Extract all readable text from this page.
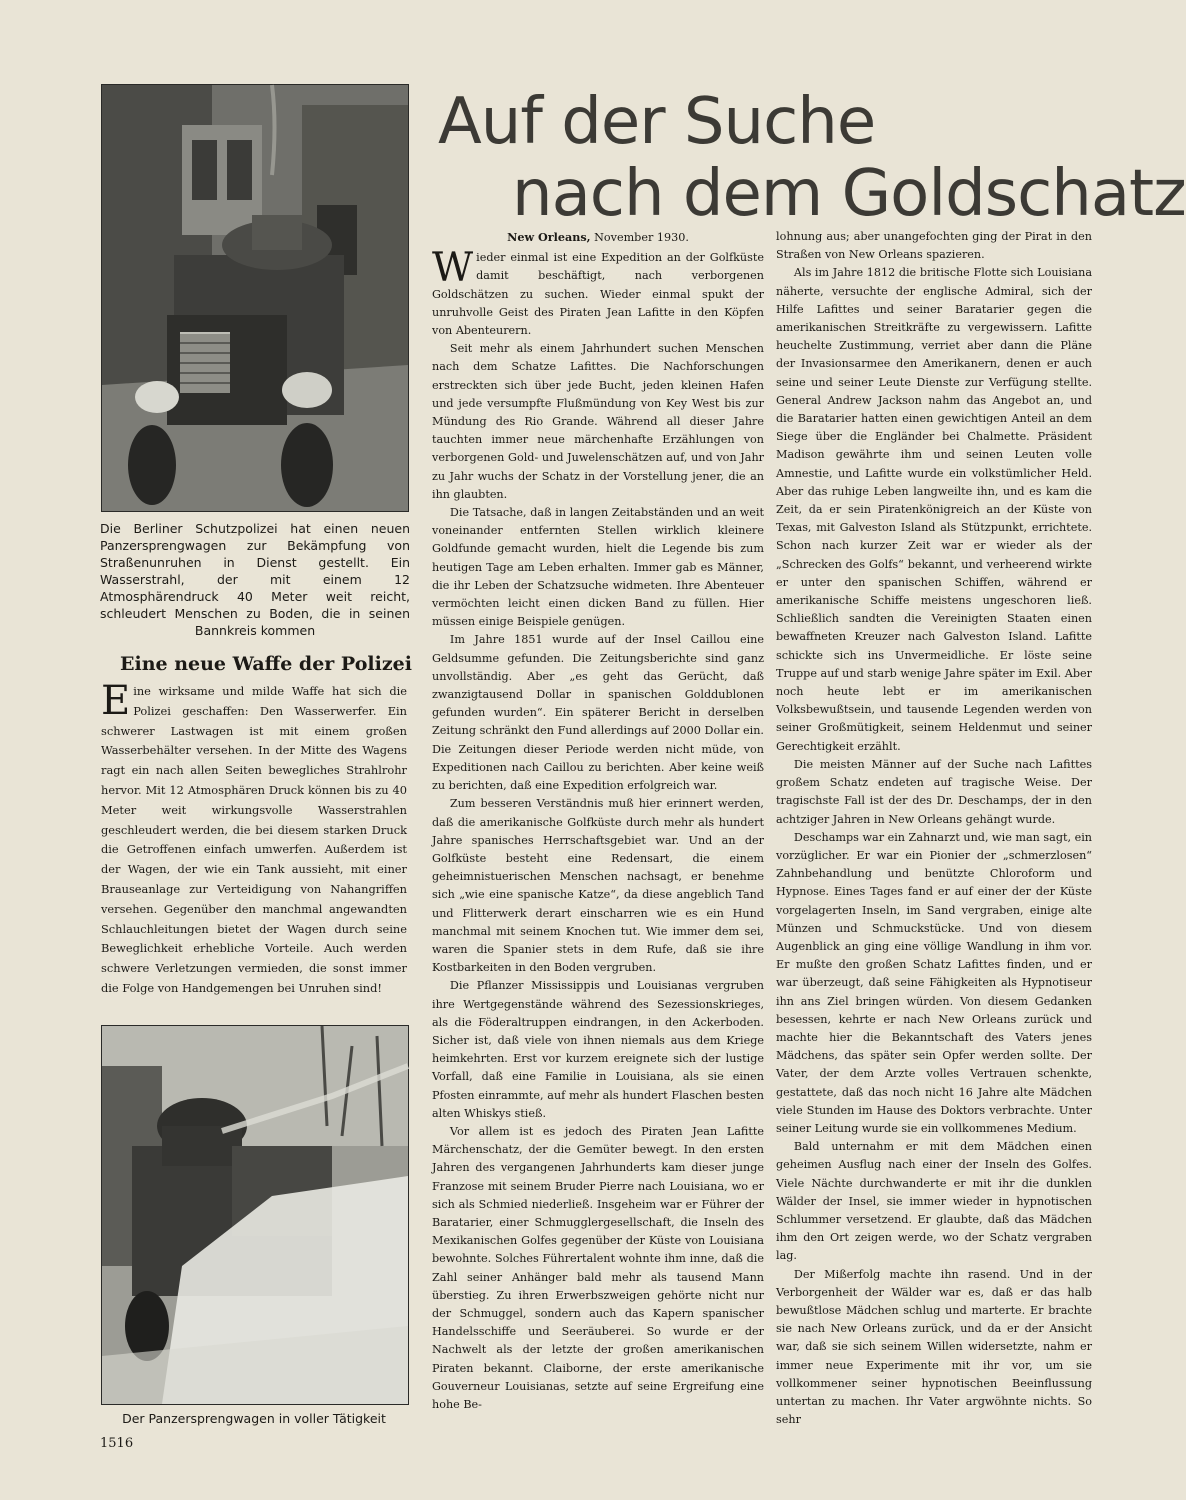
Die Berliner Schutzpolizei hat einen neuen Panzersprengwagen zur Bekämpfung von Straßenunruhen in Dienst gestellt. Ein Wasserstrahl, der mit einem 12 Atmosphärendruck 40 Meter weit reicht, schleudert Menschen zu Boden, die in seinen Bannkreis kommen
Auf der Suche
nach dem Goldschatz
Eine neue Waffe der Polizei

Eine wirksame und milde Waffe hat sich die Polizei geschaffen: Den Wasserwerfer. Ein schwerer Lastwagen ist mit einem großen Wasserbehälter versehen. In der Mitte des Wagens ragt ein nach allen Seiten bewegliches Strahlrohr hervor. Mit 12 Atmosphären Druck können bis zu 40 Meter weit wirkungsvolle Wasserstrahlen geschleudert werden, die bei diesem starken Druck die Getroffenen einfach umwerfen. Außerdem ist der Wagen, der wie ein Tank aussieht, mit einer Brauseanlage zur Verteidigung von Nahangriffen versehen. Gegenüber den manchmal angewandten Schlauchleitungen bietet der Wagen durch seine Beweglichkeit erhebliche Vorteile. Auch werden schwere Verletzungen vermieden, die sonst immer die Folge von Handgemengen bei Unruhen sind!

Der Panzersprengwagen in voller Tätigkeit
1516

New Orleans, November 1930.

Wieder einmal ist eine Expedition an der Golfküste damit beschäftigt, nach verborgenen Goldschätzen zu suchen. Wieder einmal spukt der unruhvolle Geist des Piraten Jean Lafitte in den Köpfen von Abenteurern.

Seit mehr als einem Jahrhundert suchen Menschen nach dem Schatze Lafittes. Die Nachforschungen erstreckten sich über jede Bucht, jeden kleinen Hafen und jede versumpfte Flußmündung von Key West bis zur Mündung des Rio Grande. Während all dieser Jahre tauchten immer neue märchenhafte Erzählungen von verborgenen Gold- und Juwelenschätzen auf, und von Jahr zu Jahr wuchs der Schatz in der Vorstellung jener, die an ihn glaubten.

Die Tatsache, daß in langen Zeitabständen und an weit voneinander entfernten Stellen wirklich kleinere Goldfunde gemacht wurden, hielt die Legende bis zum heutigen Tage am Leben erhalten. Immer gab es Männer, die ihr Leben der Schatzsuche widmeten. Ihre Abenteuer vermöchten leicht einen dicken Band zu füllen. Hier müssen einige Beispiele genügen.

Im Jahre 1851 wurde auf der Insel Caillou eine Geldsumme gefunden. Die Zeitungsberichte sind ganz unvollständig. Aber „es geht das Gerücht, daß zwanzigtausend Dollar in spanischen Golddublonen gefunden wurden“. Ein späterer Bericht in derselben Zeitung schränkt den Fund allerdings auf 2000 Dollar ein. Die Zeitungen dieser Periode werden nicht müde, von Expeditionen nach Caillou zu berichten. Aber keine weiß zu berichten, daß eine Expedition erfolgreich war.

Zum besseren Verständnis muß hier erinnert werden, daß die amerikanische Golfküste durch mehr als hundert Jahre spanisches Herrschaftsgebiet war. Und an der Golfküste besteht eine Redensart, die einem geheimnistuerischen Menschen nachsagt, er benehme sich „wie eine spanische Katze“, da diese angeblich Tand und Flitterwerk derart einscharren wie es ein Hund manchmal mit seinem Knochen tut. Wie immer dem sei, waren die Spanier stets in dem Rufe, daß sie ihre Kostbarkeiten in den Boden vergruben.

Die Pflanzer Mississippis und Louisianas vergruben ihre Wertgegenstände während des Sezessionskrieges, als die Föderaltruppen eindrangen, in den Ackerboden. Sicher ist, daß viele von ihnen niemals aus dem Kriege heimkehrten. Erst vor kurzem ereignete sich der lustige Vorfall, daß eine Familie in Louisiana, als sie einen Pfosten einrammte, auf mehr als hundert Flaschen besten alten Whiskys stieß.

Vor allem ist es jedoch des Piraten Jean Lafitte Märchenschatz, der die Gemüter bewegt. In den ersten Jahren des vergangenen Jahrhunderts kam dieser junge Franzose mit seinem Bruder Pierre nach Louisiana, wo er sich als Schmied niederließ. Insgeheim war er Führer der Baratarier, einer Schmugglergesellschaft, die Inseln des Mexikanischen Golfes gegenüber der Küste von Louisiana bewohnte. Solches Führertalent wohnte ihm inne, daß die Zahl seiner Anhänger bald mehr als tausend Mann überstieg. Zu ihren Erwerbszweigen gehörte nicht nur der Schmuggel, sondern auch das Kapern spanischer Handelsschiffe und Seeräuberei. So wurde er der Nachwelt als der letzte der großen amerikanischen Piraten bekannt. Claiborne, der erste amerikanische Gouverneur Louisianas, setzte auf seine Ergreifung eine hohe Be-

lohnung aus; aber unangefochten ging der Pirat in den Straßen von New Orleans spazieren.

Als im Jahre 1812 die britische Flotte sich Louisiana näherte, versuchte der englische Admiral, sich der Hilfe Lafittes und seiner Baratarier gegen die amerikanischen Streitkräfte zu vergewissern. Lafitte heuchelte Zustimmung, verriet aber dann die Pläne der Invasionsarmee den Amerikanern, denen er auch seine und seiner Leute Dienste zur Verfügung stellte. General Andrew Jackson nahm das Angebot an, und die Baratarier hatten einen gewichtigen Anteil an dem Siege über die Engländer bei Chalmette. Präsident Madison gewährte ihm und seinen Leuten volle Amnestie, und Lafitte wurde ein volkstümlicher Held. Aber das ruhige Leben langweilte ihn, und es kam die Zeit, da er sein Piratenkönigreich an der Küste von Texas, mit Galveston Island als Stützpunkt, errichtete. Schon nach kurzer Zeit war er wieder als der „Schrecken des Golfs“ bekannt, und verheerend wirkte er unter den spanischen Schiffen, während er amerikanische Schiffe meistens ungeschoren ließ. Schließlich sandten die Vereinigten Staaten einen bewaffneten Kreuzer nach Galveston Island. Lafitte schickte sich ins Unvermeidliche. Er löste seine Truppe auf und starb wenige Jahre später im Exil. Aber noch heute lebt er im amerikanischen Volksbewußtsein, und tausende Legenden werden von seiner Großmütigkeit, seinem Heldenmut und seiner Gerechtigkeit erzählt.

Die meisten Männer auf der Suche nach Lafittes großem Schatz endeten auf tragische Weise. Der tragischste Fall ist der des Dr. Deschamps, der in den achtziger Jahren in New Orleans gehängt wurde.

Deschamps war ein Zahnarzt und, wie man sagt, ein vorzüglicher. Er war ein Pionier der „schmerzlosen“ Zahnbehandlung und benützte Chloroform und Hypnose. Eines Tages fand er auf einer der der Küste vorgelagerten Inseln, im Sand vergraben, einige alte Münzen und Schmuckstücke. Und von diesem Augenblick an ging eine völlige Wandlung in ihm vor. Er mußte den großen Schatz Lafittes finden, und er war überzeugt, daß seine Fähigkeiten als Hypnotiseur ihn ans Ziel bringen würden. Von diesem Gedanken besessen, kehrte er nach New Orleans zurück und machte hier die Bekanntschaft des Vaters jenes Mädchens, das später sein Opfer werden sollte. Der Vater, der dem Arzte volles Vertrauen schenkte, gestattete, daß das noch nicht 16 Jahre alte Mädchen viele Stunden im Hause des Doktors verbrachte. Unter seiner Leitung wurde sie ein vollkommenes Medium.

Bald unternahm er mit dem Mädchen einen geheimen Ausflug nach einer der Inseln des Golfes. Viele Nächte durchwanderte er mit ihr die dunklen Wälder der Insel, sie immer wieder in hypnotischen Schlummer versetzend. Er glaubte, daß das Mädchen ihm den Ort zeigen werde, wo der Schatz vergraben lag.

Der Mißerfolg machte ihn rasend. Und in der Verborgenheit der Wälder war es, daß er das halb bewußtlose Mädchen schlug und marterte. Er brachte sie nach New Orleans zurück, und da er der Ansicht war, daß sie sich seinem Willen widersetzte, nahm er immer neue Experimente mit ihr vor, um sie vollkommener seiner hypnotischen Beeinflussung untertan zu machen. Ihr Vater argwöhnte nichts. So sehr
